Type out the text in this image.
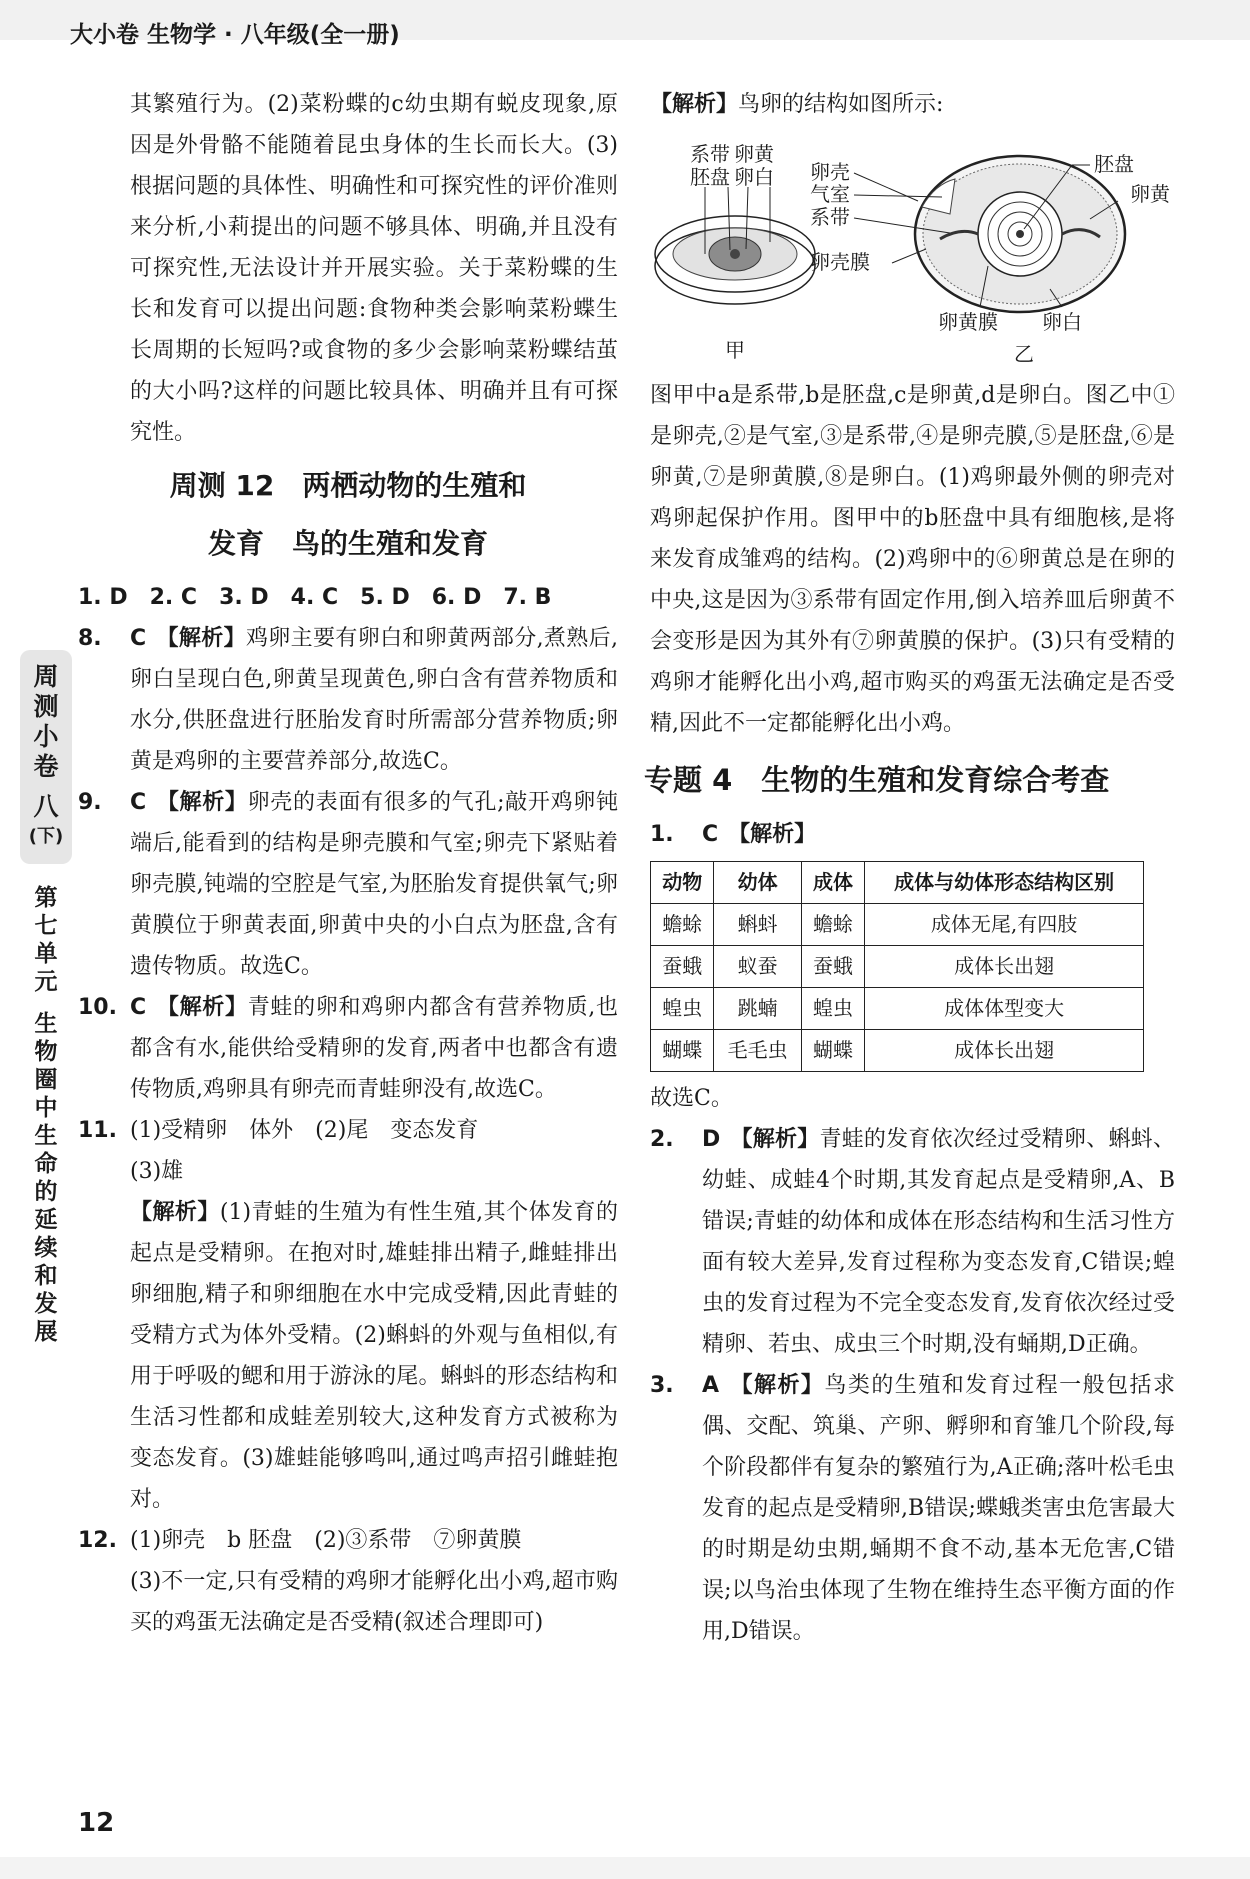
大小卷 生物学 · 八年级(全一册)
周
测
小
卷
八
(下)
第
七
单
元
生
物
圈
中
生
命
的
延
续
和
发
展

其繁殖行为。(2)菜粉蝶的c幼虫期有蜕皮现象,原因是外骨骼不能随着昆虫身体的生长而长大。(3)根据问题的具体性、明确性和可探究性的评价准则来分析,小莉提出的问题不够具体、明确,并且没有可探究性,无法设计并开展实验。关于菜粉蝶的生长和发育可以提出问题:食物种类会影响菜粉蝶生长周期的长短吗?或食物的多少会影响菜粉蝶结茧的大小吗?这样的问题比较具体、明确并且有可探究性。

周测 12　两栖动物的生殖和
发育　鸟的生殖和发育
1. D 2. C 3. D 4. C 5. D 6. D 7. B
8.	C 【解析】鸡卵主要有卵白和卵黄两部分,煮熟后,卵白呈现白色,卵黄呈现黄色,卵白含有营养物质和水分,供胚盘进行胚胎发育时所需部分营养物质;卵黄是鸡卵的主要营养部分,故选C。
9.	C 【解析】卵壳的表面有很多的气孔;敲开鸡卵钝端后,能看到的结构是卵壳膜和气室;卵壳下紧贴着卵壳膜,钝端的空腔是气室,为胚胎发育提供氧气;卵黄膜位于卵黄表面,卵黄中央的小白点为胚盘,含有遗传物质。故选C。
10. C 【解析】青蛙的卵和鸡卵内都含有营养物质,也都含有水,能供给受精卵的发育,两者中也都含有遗传物质,鸡卵具有卵壳而青蛙卵没有,故选C。
11. (1)受精卵　体外　(2)尾　变态发育
(3)雄
【解析】(1)青蛙的生殖为有性生殖,其个体发育的起点是受精卵。在抱对时,雄蛙排出精子,雌蛙排出卵细胞,精子和卵细胞在水中完成受精,因此青蛙的受精方式为体外受精。(2)蝌蚪的外观与鱼相似,有用于呼吸的鳃和用于游泳的尾。蝌蚪的形态结构和生活习性都和成蛙差别较大,这种发育方式被称为变态发育。(3)雄蛙能够鸣叫,通过鸣声招引雌蛙抱对。
12. (1)卵壳　b 胚盘　(2)③系带　⑦卵黄膜
(3)不一定,只有受精的鸡卵才能孵化出小鸡,超市购买的鸡蛋无法确定是否受精(叙述合理即可)

【解析】鸟卵的结构如图所示:

系带
胚盘
卵黄
卵白
甲
卵壳
气室
系带
卵壳膜
胚盘
卵黄
卵黄膜 卵白
乙

图甲中a是系带,b是胚盘,c是卵黄,d是卵白。图乙中①是卵壳,②是气室,③是系带,④是卵壳膜,⑤是胚盘,⑥是卵黄,⑦是卵黄膜,⑧是卵白。(1)鸡卵最外侧的卵壳对鸡卵起保护作用。图甲中的b胚盘中具有细胞核,是将来发育成雏鸡的结构。(2)鸡卵中的⑥卵黄总是在卵的中央,这是因为③系带有固定作用,倒入培养皿后卵黄不会变形是因为其外有⑦卵黄膜的保护。(3)只有受精的鸡卵才能孵化出小鸡,超市购买的鸡蛋无法确定是否受精,因此不一定都能孵化出小鸡。

专题 4　生物的生殖和发育综合考查
1.	C 【解析】
动物	幼体	成体	成体与幼体形态结构区别
蟾蜍	蝌蚪	蟾蜍	成体无尾,有四肢
蚕蛾	蚁蚕	蚕蛾	成体长出翅
蝗虫	跳蝻	蝗虫	成体体型变大
蝴蝶	毛毛虫	蝴蝶	成体长出翅

故选C。

2.	D 【解析】青蛙的发育依次经过受精卵、蝌蚪、幼蛙、成蛙4个时期,其发育起点是受精卵,A、B错误;青蛙的幼体和成体在形态结构和生活习性方面有较大差异,发育过程称为变态发育,C错误;蝗虫的发育过程为不完全变态发育,发育依次经过受精卵、若虫、成虫三个时期,没有蛹期,D正确。
3.	A 【解析】鸟类的生殖和发育过程一般包括求偶、交配、筑巢、产卵、孵卵和育雏几个阶段,每个阶段都伴有复杂的繁殖行为,A正确;落叶松毛虫发育的起点是受精卵,B错误;蝶蛾类害虫危害最大的时期是幼虫期,蛹期不食不动,基本无危害,C错误;以鸟治虫体现了生物在维持生态平衡方面的作用,D错误。
12
